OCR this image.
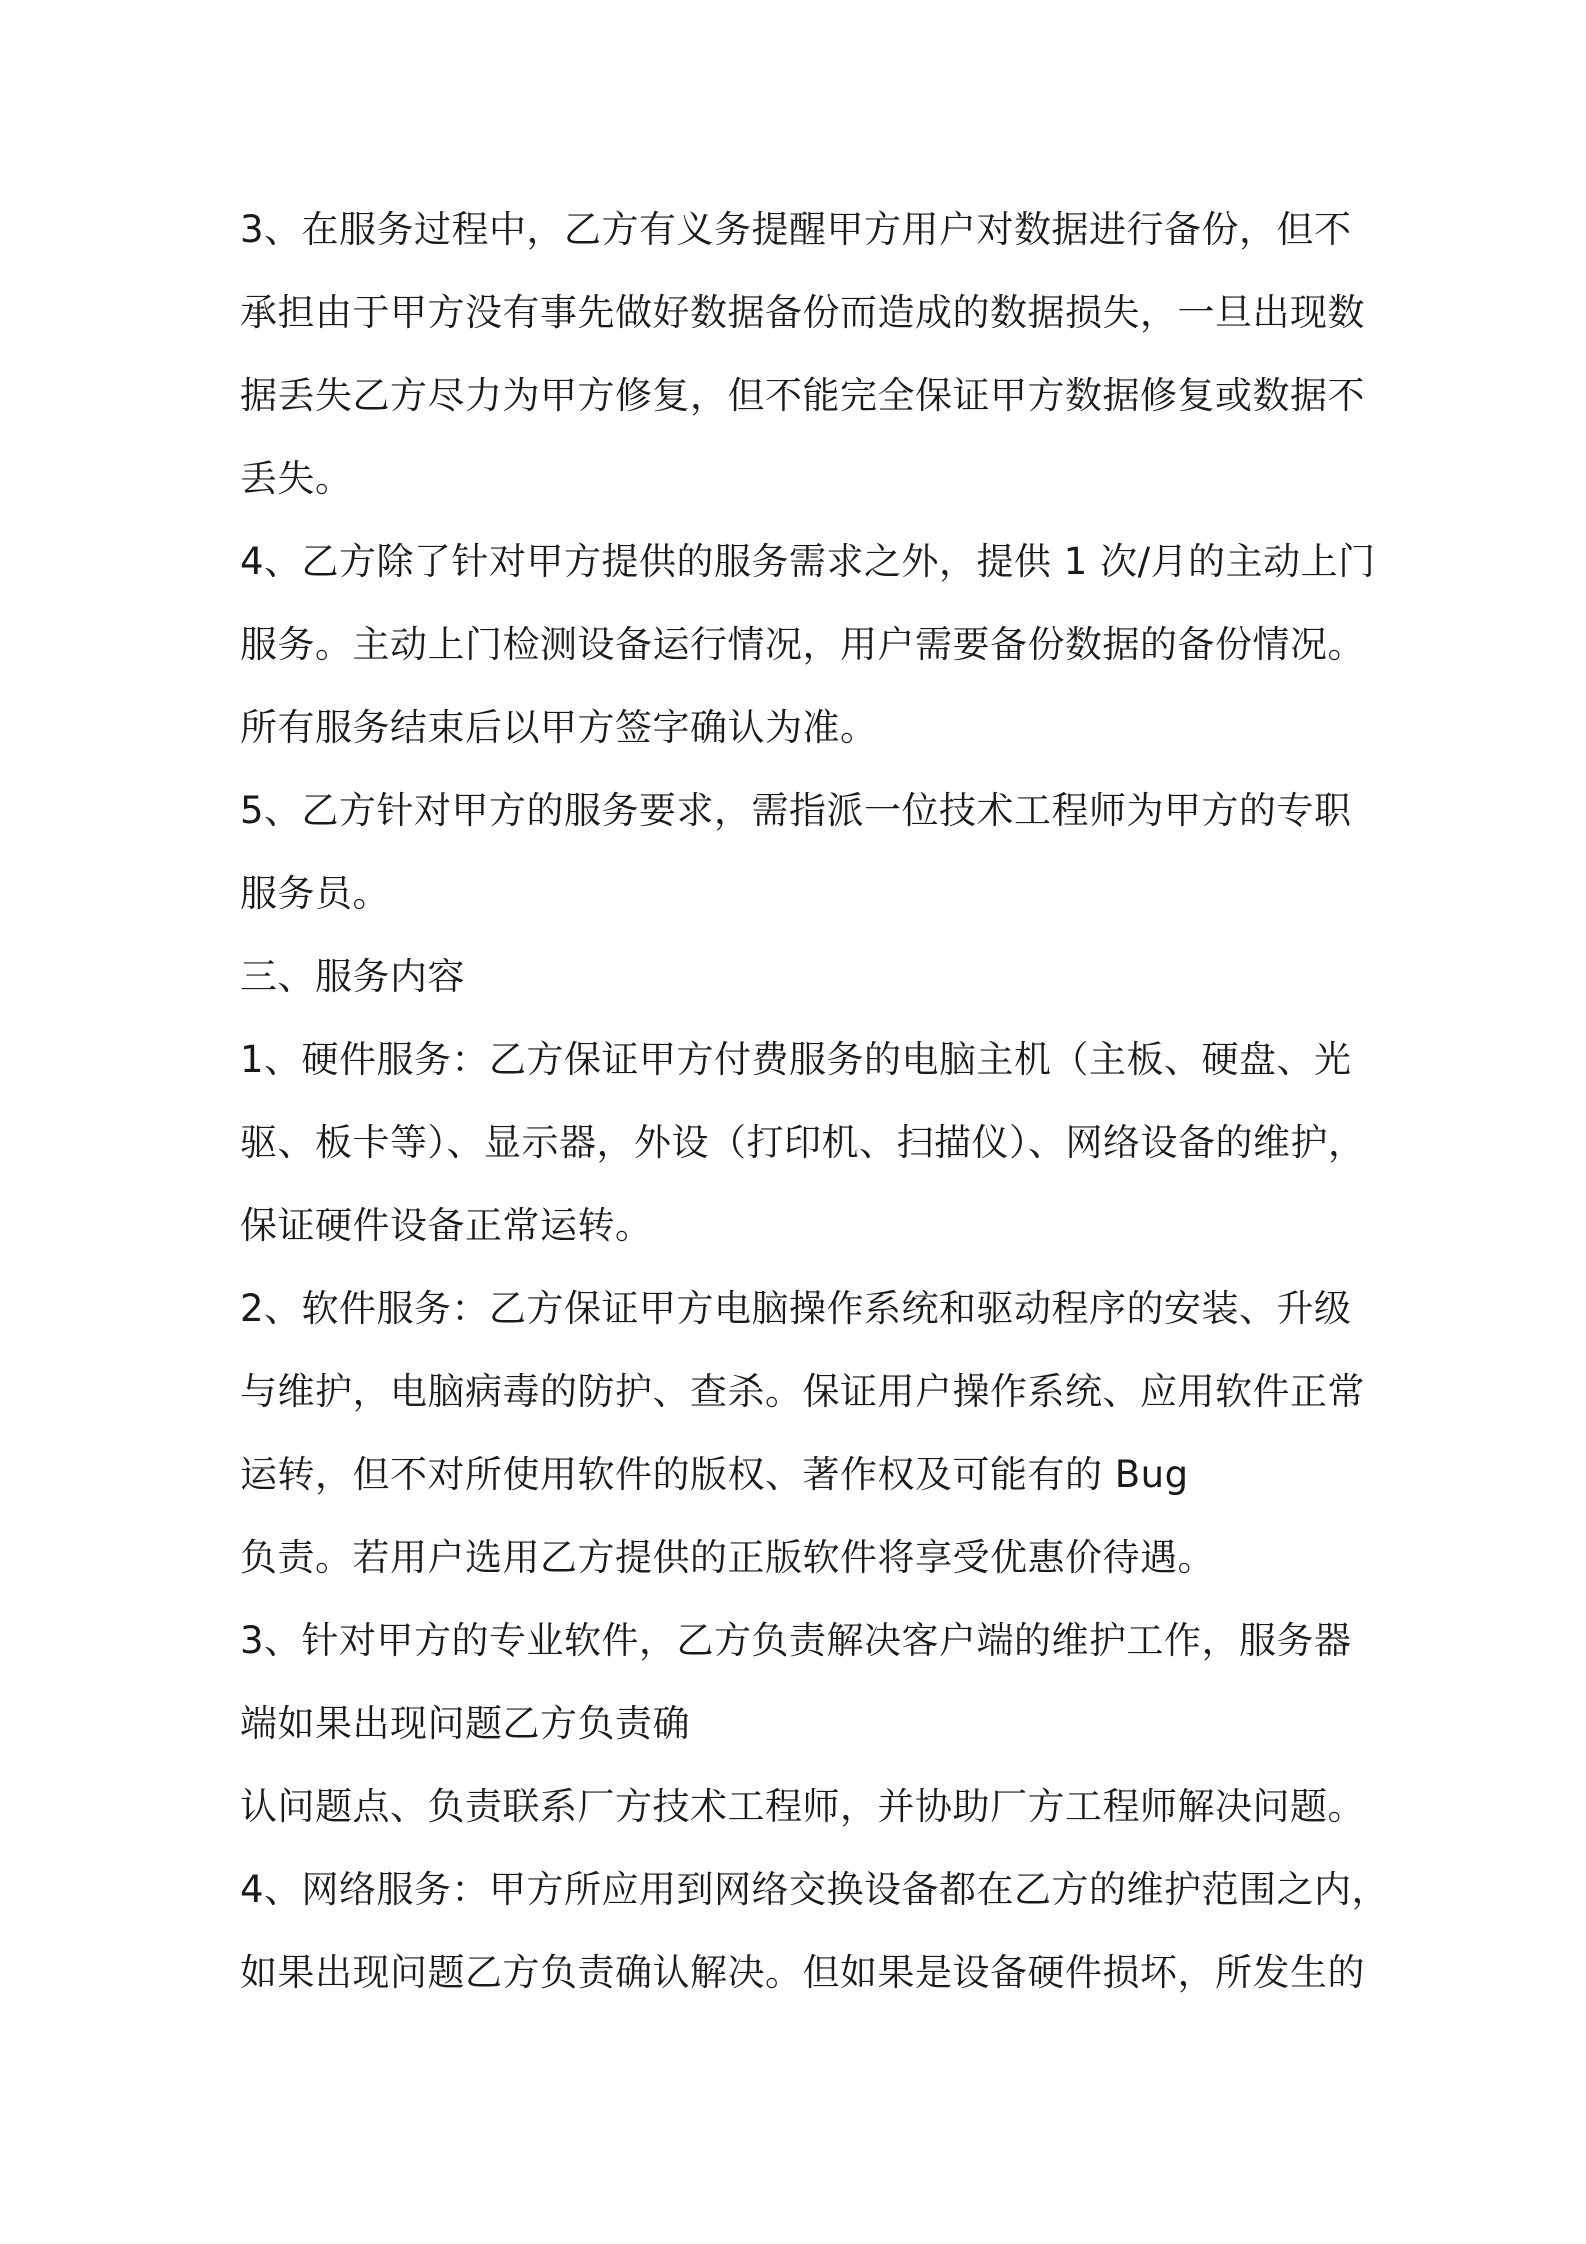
3、在服务过程中，乙方有义务提醒甲方用户对数据进行备份，但不
承担由于甲方没有事先做好数据备份而造成的数据损失，一旦出现数
据丢失乙方尽力为甲方修复，但不能完全保证甲方数据修复或数据不
丢失。
4、乙方除了针对甲方提供的服务需求之外，提供 1 次/月的主动上门
服务。主动上门检测设备运行情况，用户需要备份数据的备份情况。
所有服务结束后以甲方签字确认为准。
5、乙方针对甲方的服务要求，需指派一位技术工程师为甲方的专职
服务员。
三、服务内容
1、硬件服务：乙方保证甲方付费服务的电脑主机（主板、硬盘、光
驱、板卡等）、显示器，外设（打印机、扫描仪）、网络设备的维护，
保证硬件设备正常运转。
2、软件服务：乙方保证甲方电脑操作系统和驱动程序的安装、升级
与维护，电脑病毒的防护、查杀。保证用户操作系统、应用软件正常
运转，但不对所使用软件的版权、著作权及可能有的 Bug
负责。若用户选用乙方提供的正版软件将享受优惠价待遇。
3、针对甲方的专业软件，乙方负责解决客户端的维护工作，服务器
端如果出现问题乙方负责确
认问题点、负责联系厂方技术工程师，并协助厂方工程师解决问题。
4、网络服务：甲方所应用到网络交换设备都在乙方的维护范围之内，
如果出现问题乙方负责确认解决。但如果是设备硬件损坏，所发生的
